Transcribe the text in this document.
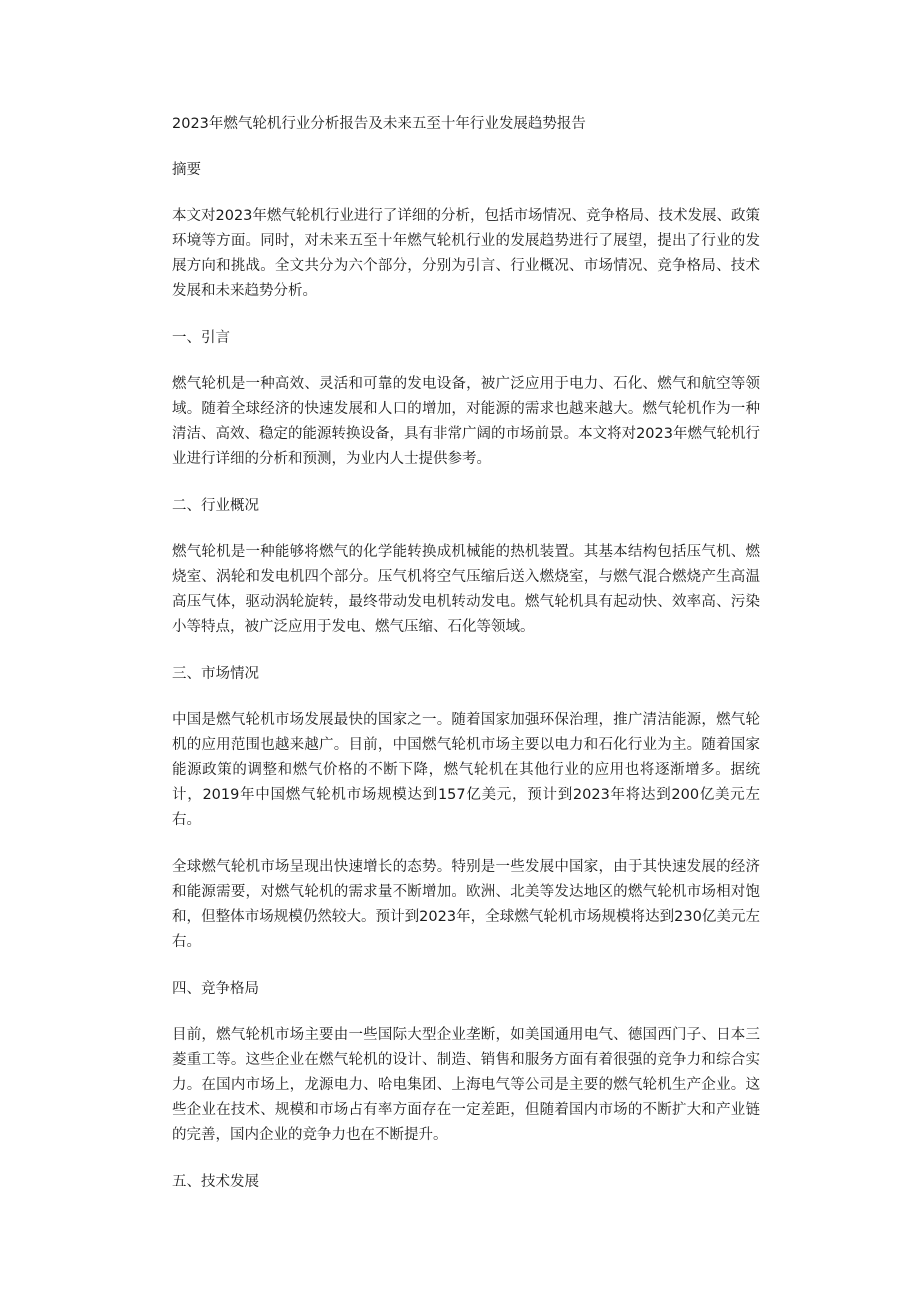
2023年燃气轮机行业分析报告及未来五至十年行业发展趋势报告
摘要
本文对2023年燃气轮机行业进行了详细的分析，包括市场情况、竞争格局、技术发展、政策环境等方面。同时，对未来五至十年燃气轮机行业的发展趋势进行了展望，提出了行业的发展方向和挑战。全文共分为六个部分，分别为引言、行业概况、市场情况、竞争格局、技术发展和未来趋势分析。
一、引言
燃气轮机是一种高效、灵活和可靠的发电设备，被广泛应用于电力、石化、燃气和航空等领域。随着全球经济的快速发展和人口的增加，对能源的需求也越来越大。燃气轮机作为一种清洁、高效、稳定的能源转换设备，具有非常广阔的市场前景。本文将对2023年燃气轮机行业进行详细的分析和预测，为业内人士提供参考。
二、行业概况
燃气轮机是一种能够将燃气的化学能转换成机械能的热机装置。其基本结构包括压气机、燃烧室、涡轮和发电机四个部分。压气机将空气压缩后送入燃烧室，与燃气混合燃烧产生高温高压气体，驱动涡轮旋转，最终带动发电机转动发电。燃气轮机具有起动快、效率高、污染小等特点，被广泛应用于发电、燃气压缩、石化等领域。
三、市场情况
中国是燃气轮机市场发展最快的国家之一。随着国家加强环保治理，推广清洁能源，燃气轮机的应用范围也越来越广。目前，中国燃气轮机市场主要以电力和石化行业为主。随着国家能源政策的调整和燃气价格的不断下降，燃气轮机在其他行业的应用也将逐渐增多。据统计，2019年中国燃气轮机市场规模达到157亿美元，预计到2023年将达到200亿美元左右。
全球燃气轮机市场呈现出快速增长的态势。特别是一些发展中国家，由于其快速发展的经济和能源需要，对燃气轮机的需求量不断增加。欧洲、北美等发达地区的燃气轮机市场相对饱和，但整体市场规模仍然较大。预计到2023年，全球燃气轮机市场规模将达到230亿美元左右。
四、竞争格局
目前，燃气轮机市场主要由一些国际大型企业垄断，如美国通用电气、德国西门子、日本三菱重工等。这些企业在燃气轮机的设计、制造、销售和服务方面有着很强的竞争力和综合实力。在国内市场上，龙源电力、哈电集团、上海电气等公司是主要的燃气轮机生产企业。这些企业在技术、规模和市场占有率方面存在一定差距，但随着国内市场的不断扩大和产业链的完善，国内企业的竞争力也在不断提升。
五、技术发展
